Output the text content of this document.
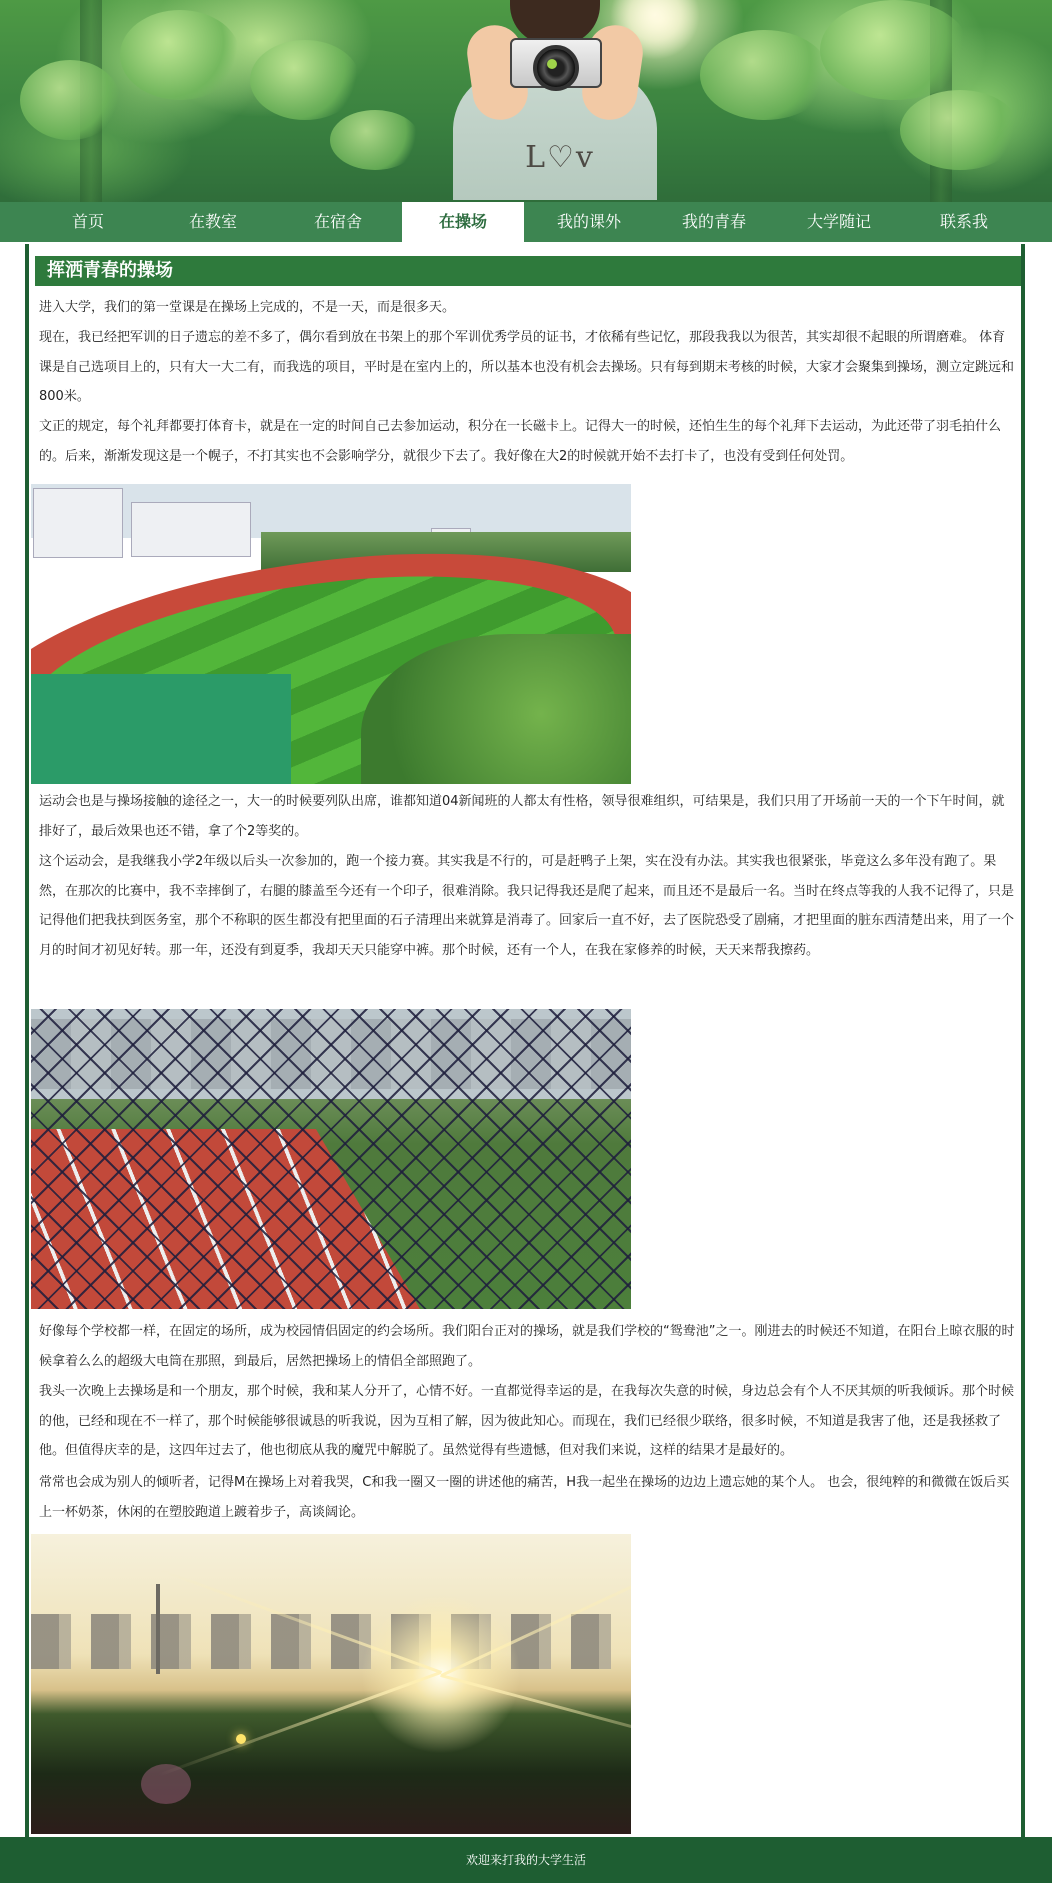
L♡v
首页	在教室	在宿舍	在操场	我的课外	我的青春	大学随记	联系我
挥洒青春的操场

进入大学，我们的第一堂课是在操场上完成的，不是一天，而是很多天。

现在，我已经把军训的日子遗忘的差不多了，偶尔看到放在书架上的那个军训优秀学员的证书，才依稀有些记忆，那段我我以为很苦，其实却很不起眼的所谓磨难。 体育课是自己选项目上的，只有大一大二有，而我选的项目，平时是在室内上的，所以基本也没有机会去操场。只有每到期末考核的时候，大家才会聚集到操场，测立定跳远和800米。

文正的规定，每个礼拜都要打体育卡，就是在一定的时间自己去参加运动，积分在一长磁卡上。记得大一的时候，还怕生生的每个礼拜下去运动，为此还带了羽毛拍什么的。后来，渐渐发现这是一个幌子，不打其实也不会影响学分，就很少下去了。我好像在大2的时候就开始不去打卡了，也没有受到任何处罚。

运动会也是与操场接触的途径之一，大一的时候要列队出席，谁都知道04新闻班的人都太有性格，领导很难组织，可结果是，我们只用了开场前一天的一个下午时间，就排好了，最后效果也还不错，拿了个2等奖的。

这个运动会，是我继我小学2年级以后头一次参加的，跑一个接力赛。其实我是不行的，可是赶鸭子上架，实在没有办法。其实我也很紧张，毕竟这么多年没有跑了。果然，在那次的比赛中，我不幸摔倒了，右腿的膝盖至今还有一个印子，很难消除。我只记得我还是爬了起来，而且还不是最后一名。当时在终点等我的人我不记得了，只是记得他们把我扶到医务室，那个不称职的医生都没有把里面的石子清理出来就算是消毒了。回家后一直不好，去了医院恐受了剧痛，才把里面的脏东西清楚出来，用了一个月的时间才初见好转。那一年，还没有到夏季，我却天天只能穿中裤。那个时候，还有一个人，在我在家修养的时候，天天来帮我擦药。

好像每个学校都一样，在固定的场所，成为校园情侣固定的约会场所。我们阳台正对的操场，就是我们学校的“鸳鸯池”之一。刚进去的时候还不知道，在阳台上晾衣服的时候拿着么么的超级大电筒在那照，到最后，居然把操场上的情侣全部照跑了。

我头一次晚上去操场是和一个朋友，那个时候，我和某人分开了，心情不好。一直都觉得幸运的是，在我每次失意的时候，身边总会有个人不厌其烦的听我倾诉。那个时候的他，已经和现在不一样了，那个时候能够很诚恳的听我说，因为互相了解，因为彼此知心。而现在，我们已经很少联络，很多时候，不知道是我害了他，还是我拯救了他。但值得庆幸的是，这四年过去了，他也彻底从我的魔咒中解脱了。虽然觉得有些遗憾，但对我们来说，这样的结果才是最好的。

常常也会成为别人的倾听者，记得M在操场上对着我哭，C和我一圈又一圈的讲述他的痛苦，H我一起坐在操场的边边上遗忘她的某个人。 也会，很纯粹的和微微在饭后买上一杯奶茶，休闲的在塑胶跑道上踱着步子，高谈阔论。

欢迎来打我的大学生活
